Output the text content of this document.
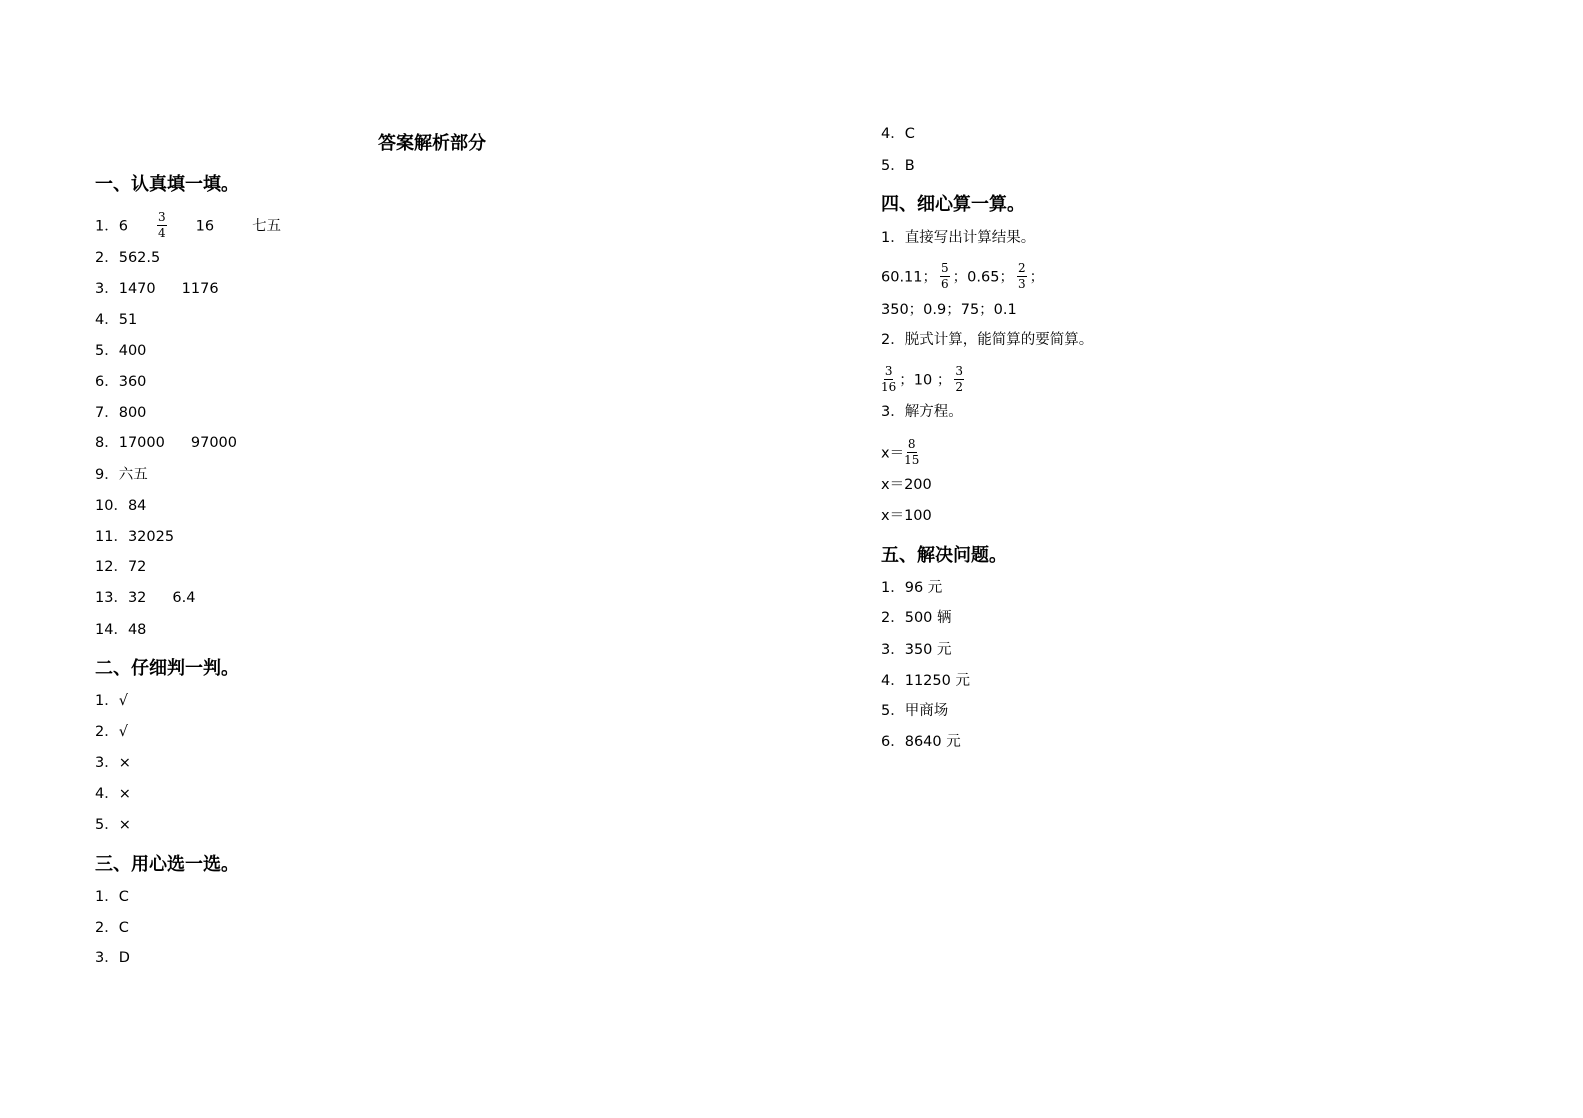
答案解析部分
一、认真填一填。
1．$6 \frac{3}{4} 16$	七五
2．562.5
3．1470 1176
4．51
5．400
6．360
7．800
8．17000 97000
9．六五
10．84
11．32025
12．72
13．32 6.4
14．48
二、仔细判一判。
1．√
2．√
3．×
4．×
5．×
三、用心选一选。
1．C
2．C
3．D
4．C
5．B
四、细心算一算。
1．直接写出计算结果。
60.11； $\frac{5}{6}$ ；0.65； $\frac{2}{3}$ ；
350；0.9；75；0.1
2．脱式计算，能简算的要简算。
$\frac{3}{16}$ ；10 ； $\frac{3}{2}$
3．解方程。
$x= \frac{8}{15}$
x＝200
x＝100
五、解决问题。
1．96 元
2．500 辆
3．350 元
4．11250 元
5．甲商场
6．8640 元
